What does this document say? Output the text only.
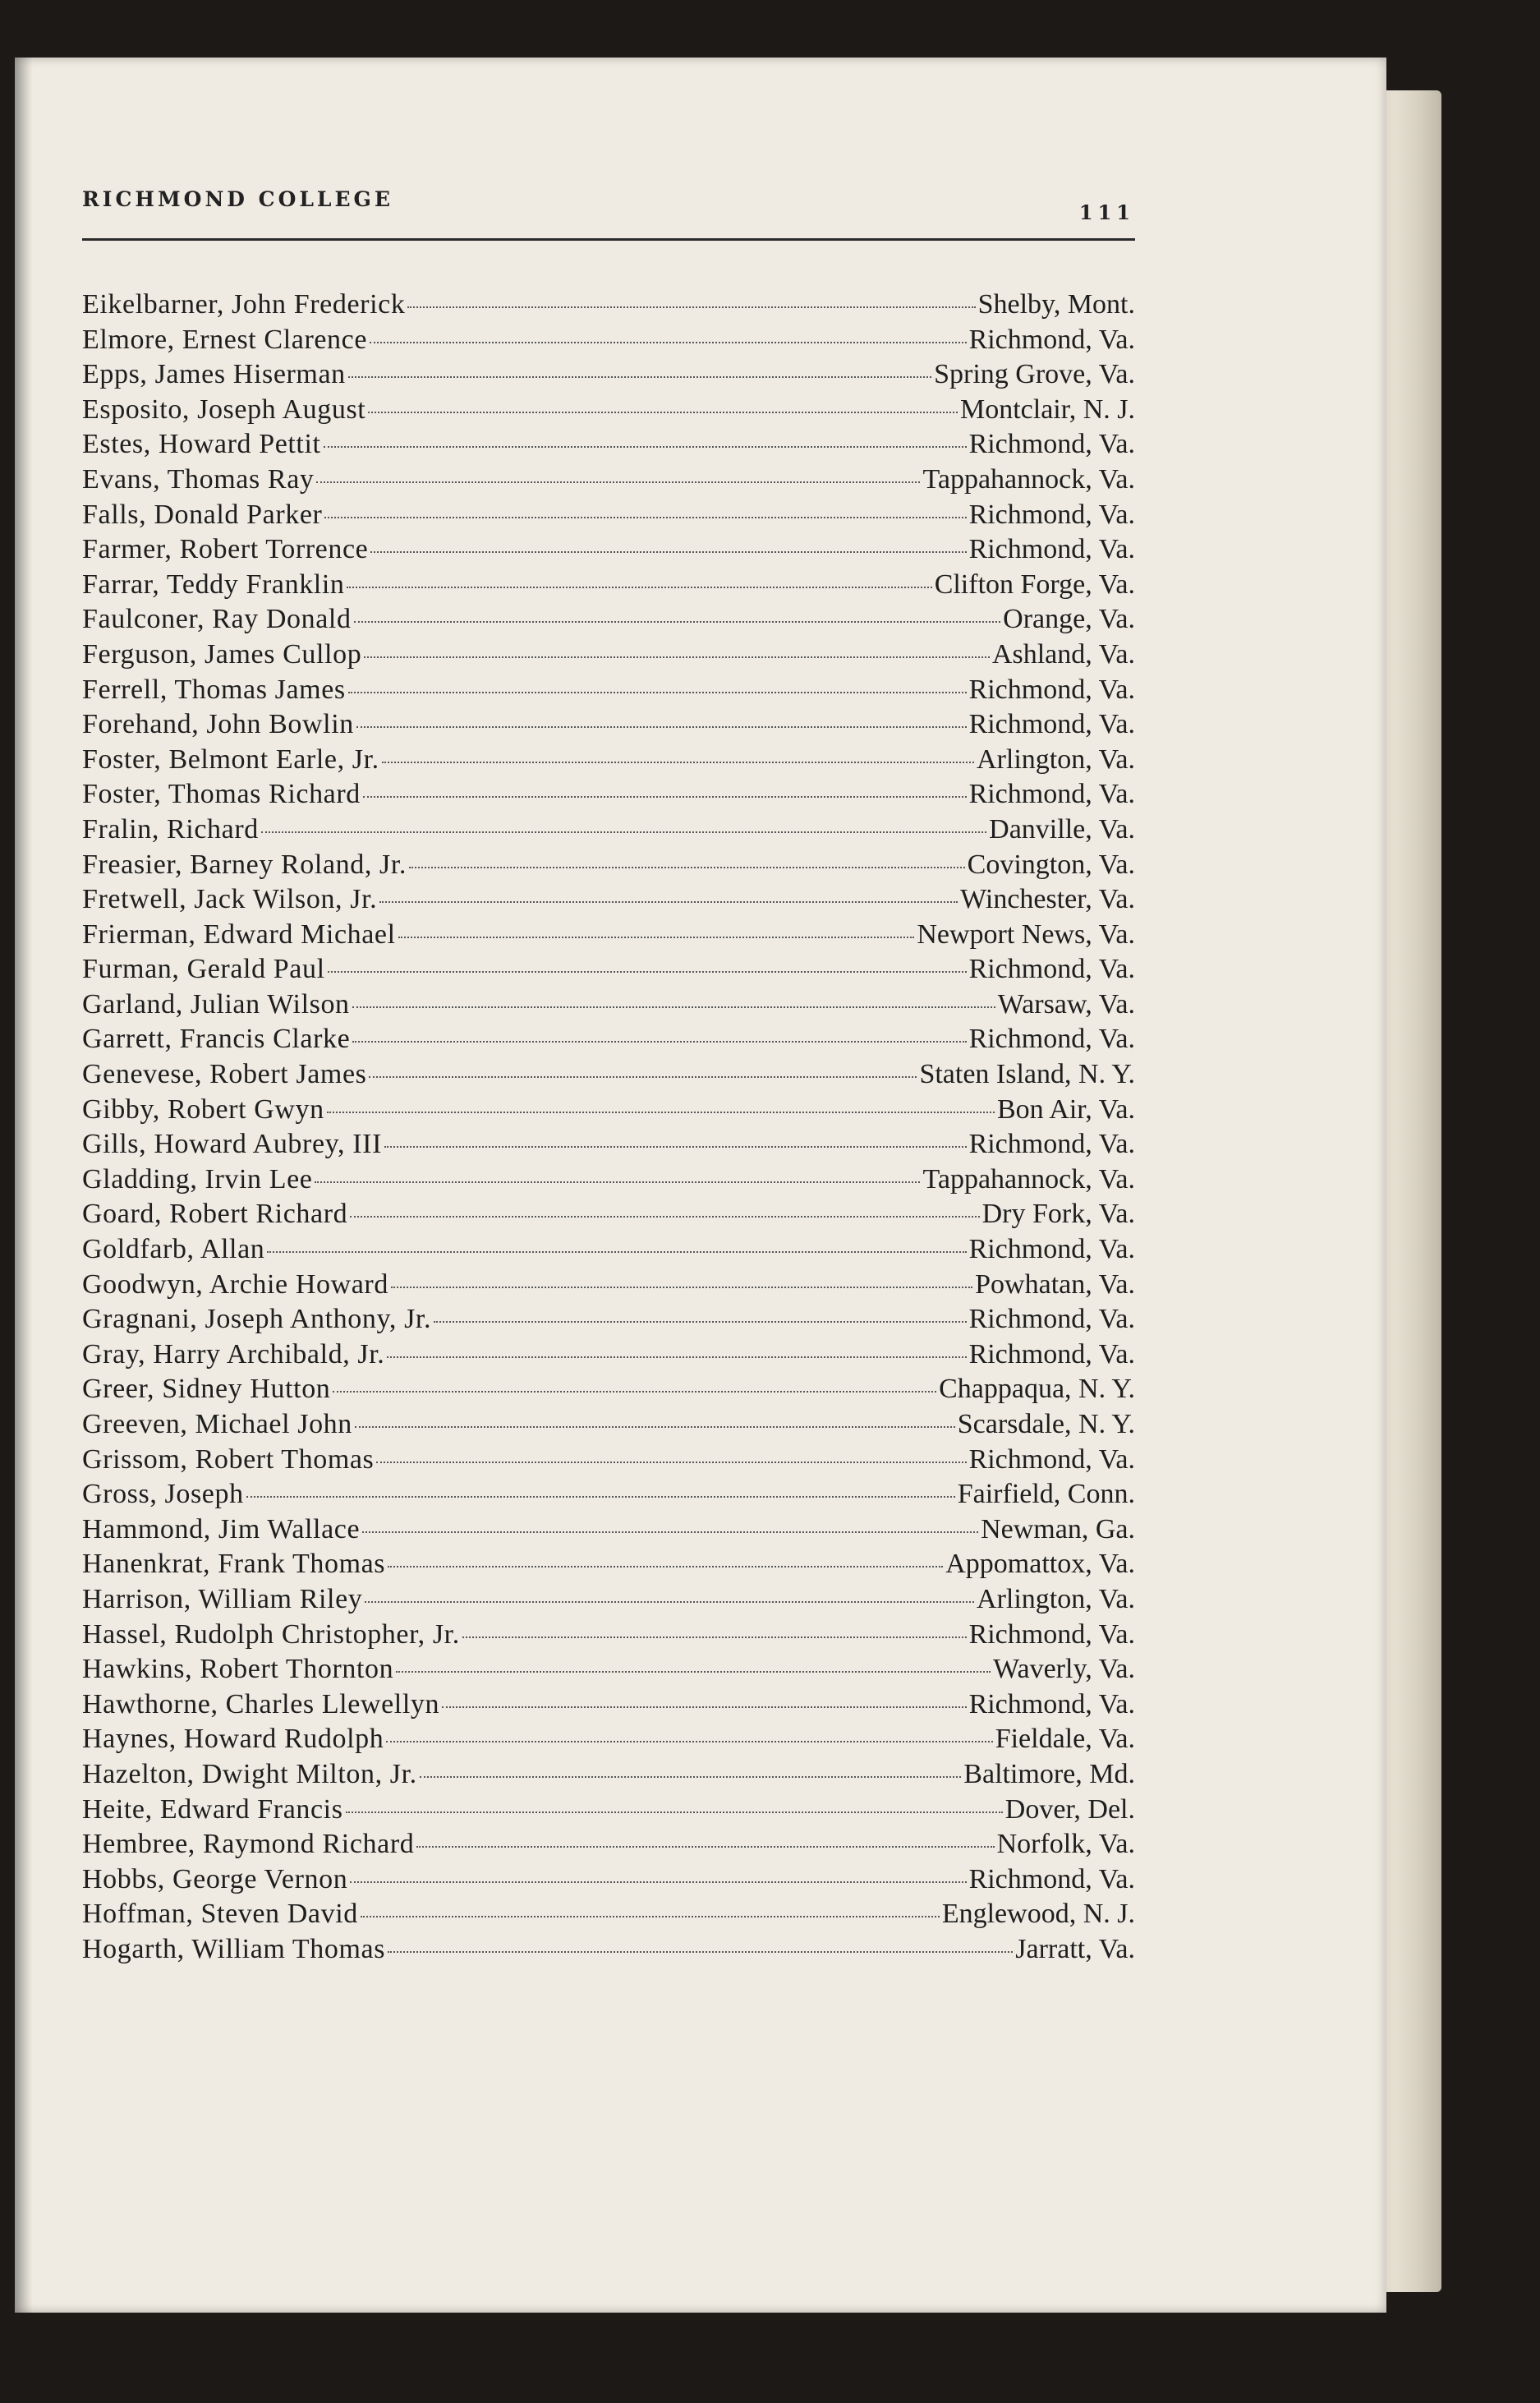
RICHMOND COLLEGE
111
Eikelbarner, John Frederick	Shelby, Mont.
Elmore, Ernest Clarence	Richmond, Va.
Epps, James Hiserman	Spring Grove, Va.
Esposito, Joseph August	Montclair, N. J.
Estes, Howard Pettit	Richmond, Va.
Evans, Thomas Ray	Tappahannock, Va.
Falls, Donald Parker	Richmond, Va.
Farmer, Robert Torrence	Richmond, Va.
Farrar, Teddy Franklin	Clifton Forge, Va.
Faulconer, Ray Donald	Orange, Va.
Ferguson, James Cullop	Ashland, Va.
Ferrell, Thomas James	Richmond, Va.
Forehand, John Bowlin	Richmond, Va.
Foster, Belmont Earle, Jr.	Arlington, Va.
Foster, Thomas Richard	Richmond, Va.
Fralin, Richard	Danville, Va.
Freasier, Barney Roland, Jr.	Covington, Va.
Fretwell, Jack Wilson, Jr.	Winchester, Va.
Frierman, Edward Michael	Newport News, Va.
Furman, Gerald Paul	Richmond, Va.
Garland, Julian Wilson	Warsaw, Va.
Garrett, Francis Clarke	Richmond, Va.
Genevese, Robert James	Staten Island, N. Y.
Gibby, Robert Gwyn	Bon Air, Va.
Gills, Howard Aubrey, III	Richmond, Va.
Gladding, Irvin Lee	Tappahannock, Va.
Goard, Robert Richard	Dry Fork, Va.
Goldfarb, Allan	Richmond, Va.
Goodwyn, Archie Howard	Powhatan, Va.
Gragnani, Joseph Anthony, Jr.	Richmond, Va.
Gray, Harry Archibald, Jr.	Richmond, Va.
Greer, Sidney Hutton	Chappaqua, N. Y.
Greeven, Michael John	Scarsdale, N. Y.
Grissom, Robert Thomas	Richmond, Va.
Gross, Joseph	Fairfield, Conn.
Hammond, Jim Wallace	Newman, Ga.
Hanenkrat, Frank Thomas	Appomattox, Va.
Harrison, William Riley	Arlington, Va.
Hassel, Rudolph Christopher, Jr.	Richmond, Va.
Hawkins, Robert Thornton	Waverly, Va.
Hawthorne, Charles Llewellyn	Richmond, Va.
Haynes, Howard Rudolph	Fieldale, Va.
Hazelton, Dwight Milton, Jr.	Baltimore, Md.
Heite, Edward Francis	Dover, Del.
Hembree, Raymond Richard	Norfolk, Va.
Hobbs, George Vernon	Richmond, Va.
Hoffman, Steven David	Englewood, N. J.
Hogarth, William Thomas	Jarratt, Va.
